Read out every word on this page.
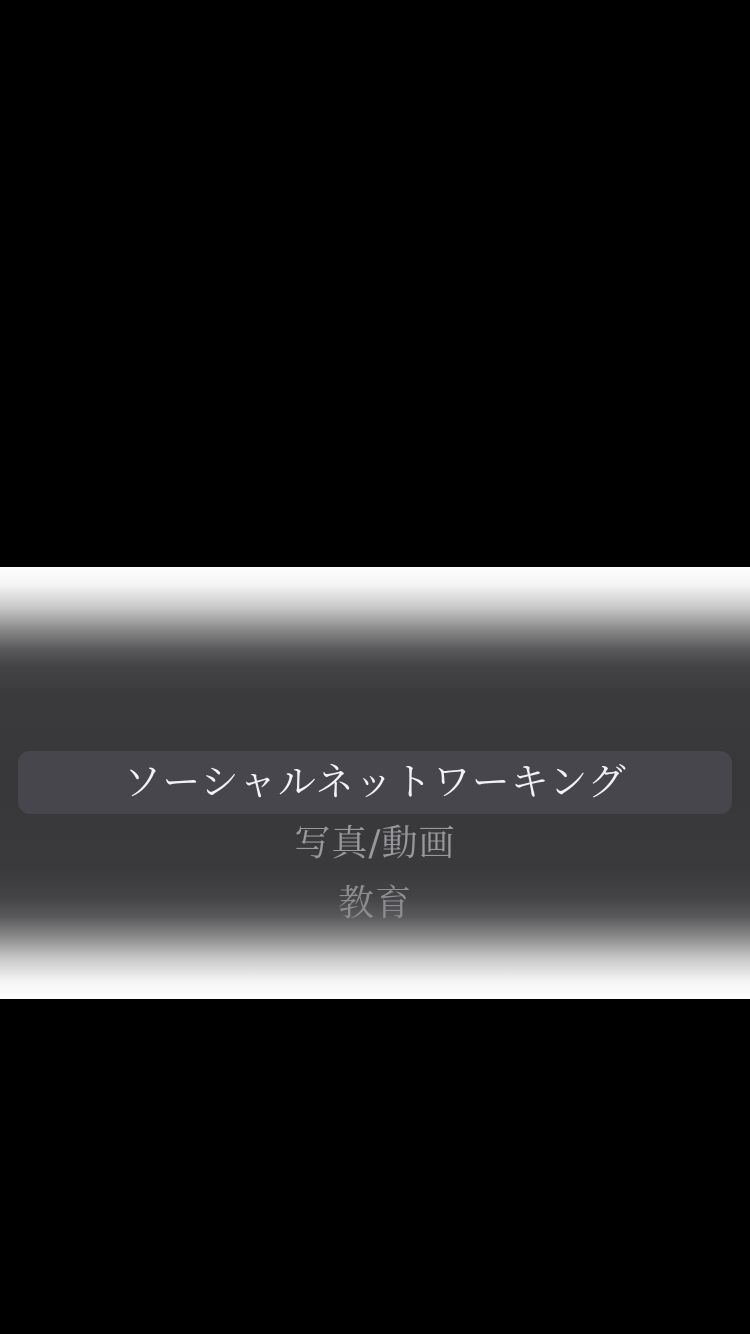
ソーシャルネットワーキング
写真/動画
教育
